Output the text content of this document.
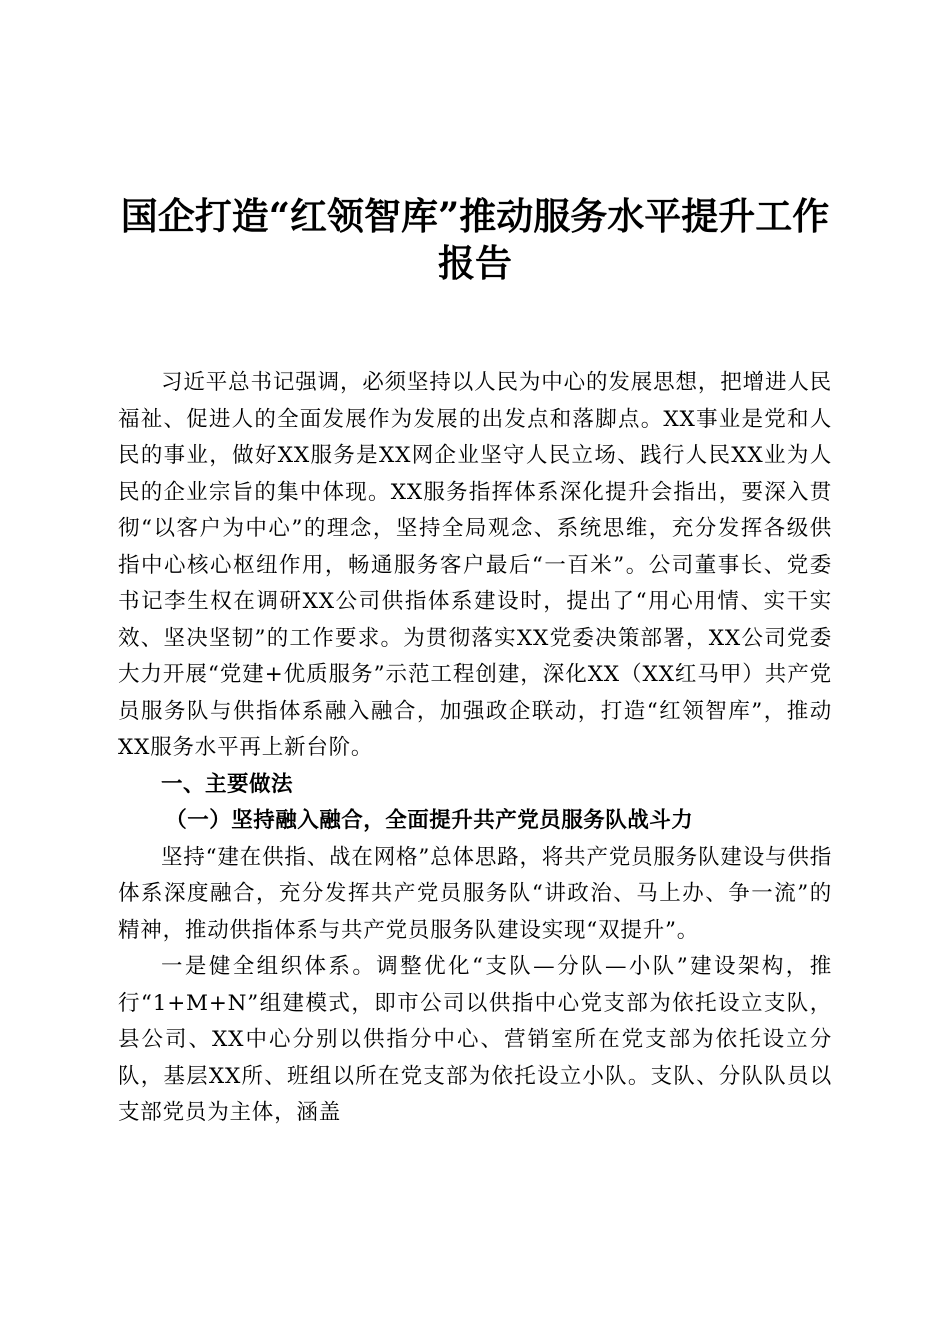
国企打造“红领智库”推动服务水平提升工作
报告

习近平总书记强调，必须坚持以人民为中心的发展思想，把增进人民福祉、促进人的全面发展作为发展的出发点和落脚点。XX事业是党和人民的事业，做好XX服务是XX网企业坚守人民立场、践行人民XX业为人民的企业宗旨的集中体现。XX服务指挥体系深化提升会指出，要深入贯彻“以客户为中心”的理念，坚持全局观念、系统思维，充分发挥各级供指中心核心枢纽作用，畅通服务客户最后“一百米”。公司董事长、党委书记李生权在调研XX公司供指体系建设时，提出了“用心用情、实干实效、坚决坚韧”的工作要求。为贯彻落实XX党委决策部署，XX公司党委大力开展“党建+优质服务”示范工程创建，深化XX（XX红马甲）共产党员服务队与供指体系融入融合，加强政企联动，打造“红领智库”，推动XX服务水平再上新台阶。

一、主要做法

（一）坚持融入融合，全面提升共产党员服务队战斗力

坚持“建在供指、战在网格”总体思路，将共产党员服务队建设与供指体系深度融合，充分发挥共产党员服务队“讲政治、马上办、争一流”的精神，推动供指体系与共产党员服务队建设实现“双提升”。

一是健全组织体系。调整优化“支队—分队—小队”建设架构，推行“1+M+N”组建模式，即市公司以供指中心党支部为依托设立支队，县公司、XX中心分别以供指分中心、营销室所在党支部为依托设立分队，基层XX所、班组以所在党支部为依托设立小队。支队、分队队员以支部党员为主体，涵盖
